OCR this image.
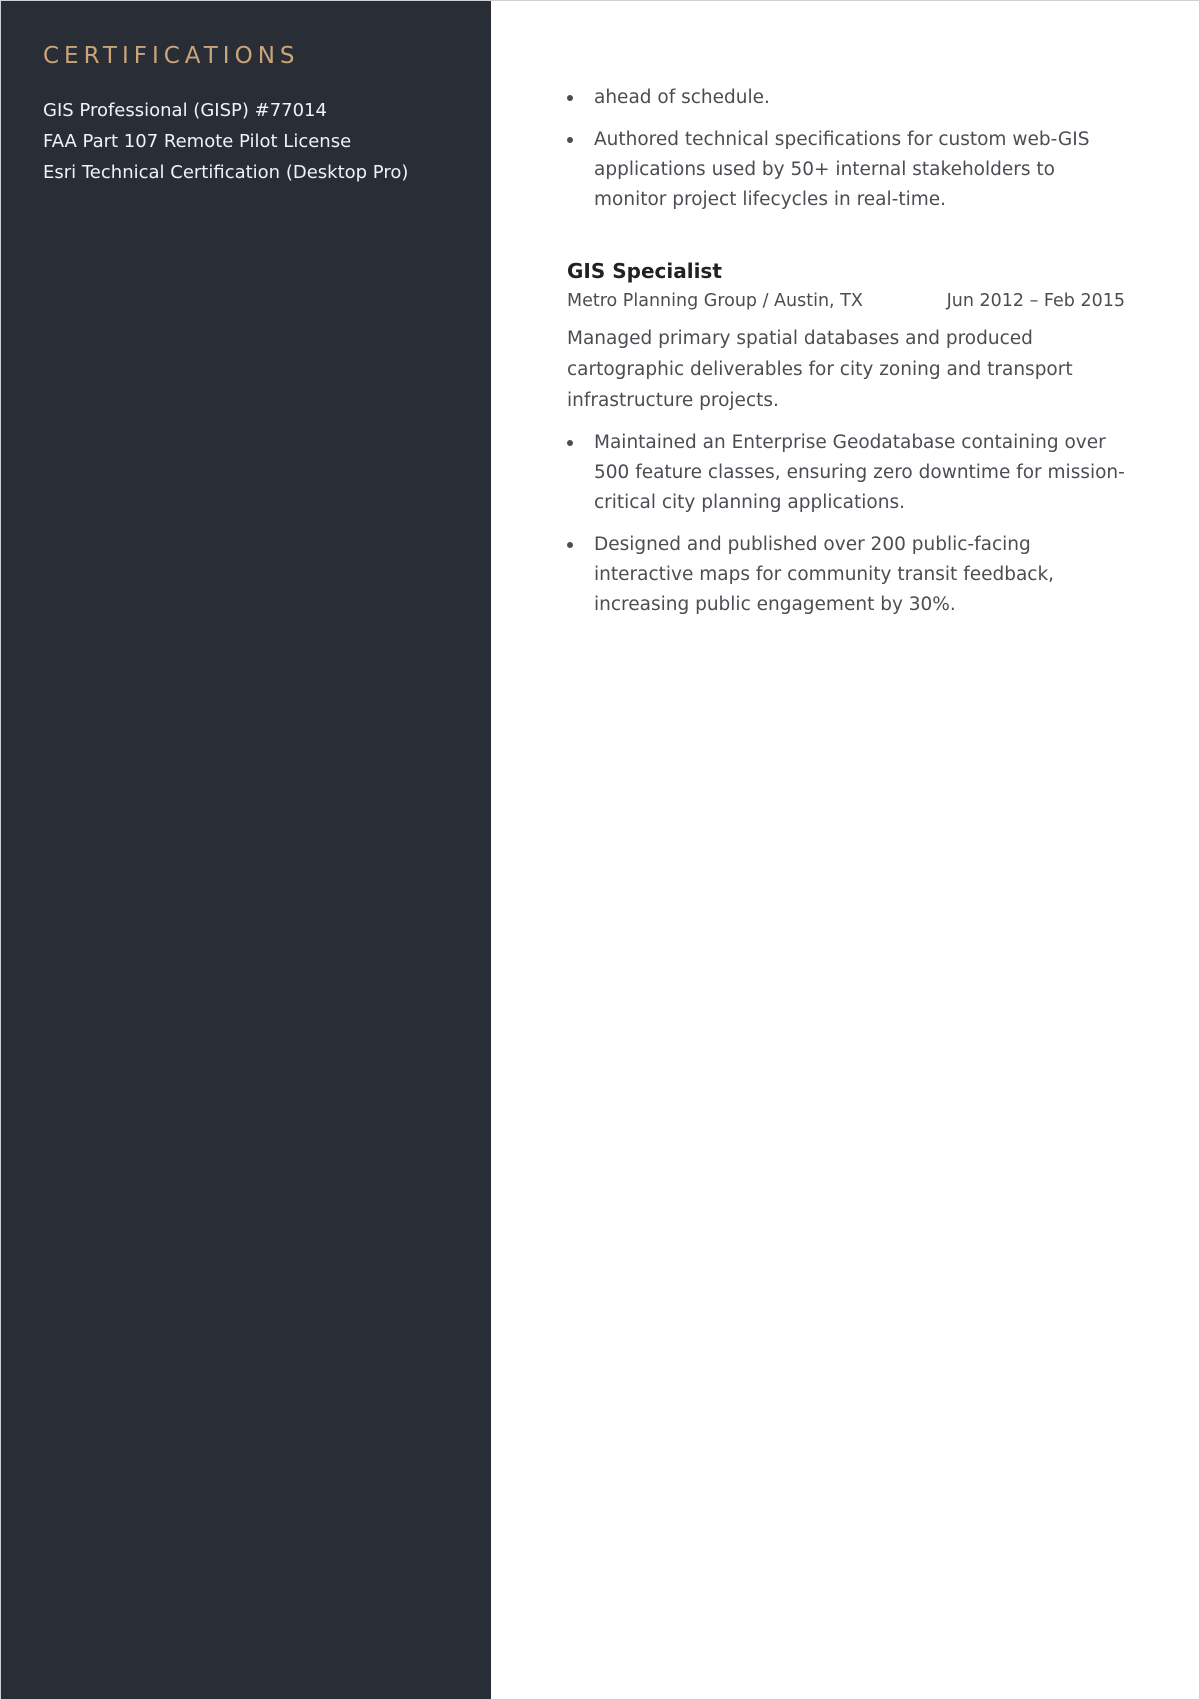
CERTIFICATIONS
GIS Professional (GISP) #77014
FAA Part 107 Remote Pilot License
Esri Technical Certification (Desktop Pro)
ahead of schedule.
Authored technical specifications for custom web-GIS applications used by 50+ internal stakeholders to monitor project lifecycles in real-time.
GIS Specialist
Metro Planning Group / Austin, TX	Jun 2012 – Feb 2015

Managed primary spatial databases and produced cartographic deliverables for city zoning and transport infrastructure projects.

Maintained an Enterprise Geodatabase containing over 500 feature classes, ensuring zero downtime for mission-critical city planning applications.
Designed and published over 200 public-facing interactive maps for community transit feedback, increasing public engagement by 30%.
